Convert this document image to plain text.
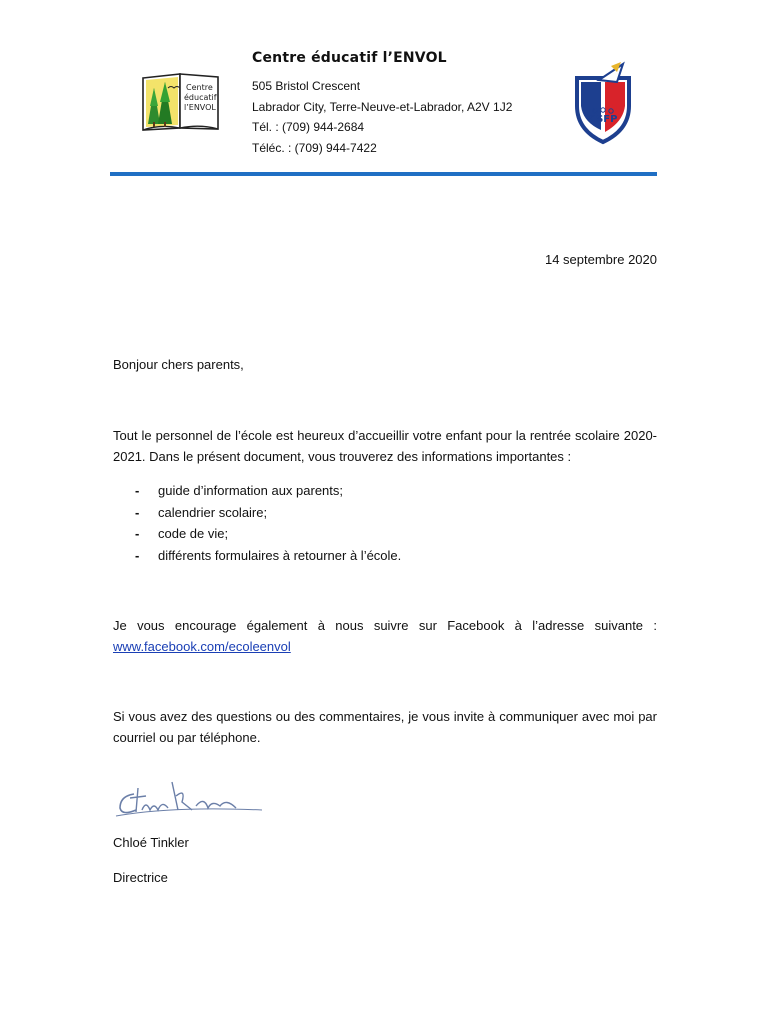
Centre
éducatif
l’ENVOL

Centre éducatif l’ENVOL

505 Bristol Crescent

Labrador City, Terre-Neuve-et-Labrador, A2V 1J2

Tél. : (709) 944-2684

Téléc. : (709) 944-7422

CSFP
14 septembre 2020

Bonjour chers parents,

Tout le personnel de l’école est heureux d’accueillir votre enfant pour la rentrée scolaire 2020-2021. Dans le présent document, vous trouverez des informations importantes :

-	guide d’information aux parents;
-	calendrier scolaire;
-	code de vie;
-	différents formulaires à retourner à l’école.

Je vous encourage également à nous suivre sur Facebook à l’adresse suivante :

www.facebook.com/ecoleenvol

Si vous avez des questions ou des commentaires, je vous invite à communiquer avec moi par courriel ou par téléphone.

Chloé Tinkler

Directrice
